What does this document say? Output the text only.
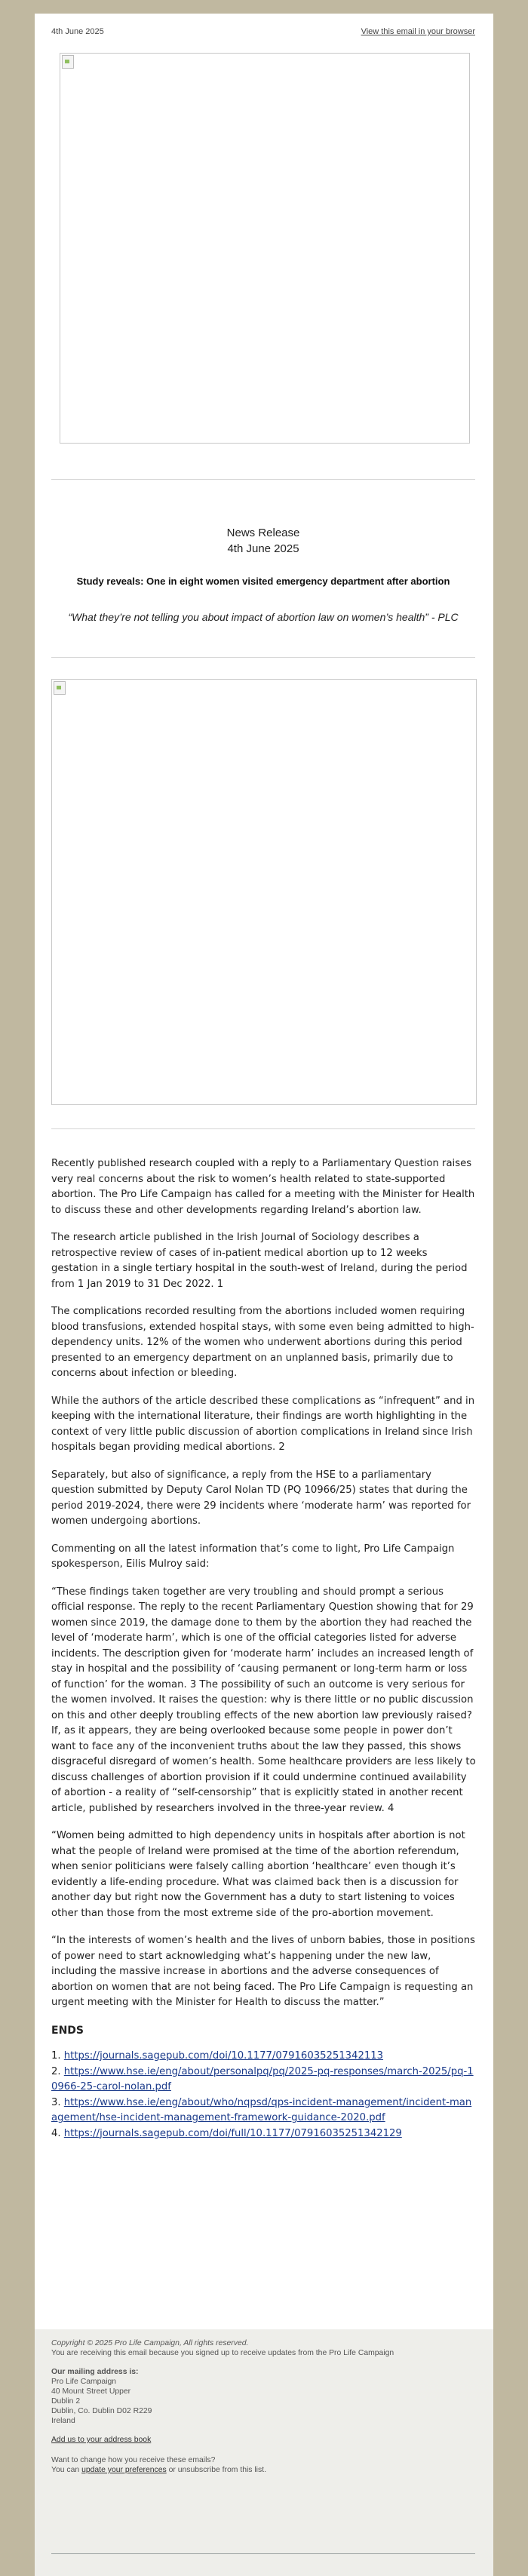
4th June 2025	View this email in your browser
News Release
4th June 2025
Study reveals: One in eight women visited emergency department after abortion
“What they’re not telling you about impact of abortion law on women’s health” - PLC

Recently published research coupled with a reply to a Parliamentary Question raises very real concerns about the risk to women’s health related to state-supported abortion. The Pro Life Campaign has called for a meeting with the Minister for Health to discuss these and other developments regarding Ireland’s abortion law.

The research article published in the Irish Journal of Sociology describes a retrospective review of cases of in-patient medical abortion up to 12 weeks gestation in a single tertiary hospital in the south-west of Ireland, during the period from 1 Jan 2019 to 31 Dec 2022. 1

The complications recorded resulting from the abortions included women requiring blood transfusions, extended hospital stays, with some even being admitted to high-dependency units. 12% of the women who underwent abortions during this period presented to an emergency department on an unplanned basis, primarily due to concerns about infection or bleeding.

While the authors of the article described these complications as “infrequent” and in keeping with the international literature, their findings are worth highlighting in the context of very little public discussion of abortion complications in Ireland since Irish hospitals began providing medical abortions. 2

Separately, but also of significance, a reply from the HSE to a parliamentary question submitted by Deputy Carol Nolan TD (PQ 10966/25) states that during the period 2019-2024, there were 29 incidents where ‘moderate harm’ was reported for women undergoing abortions.

Commenting on all the latest information that’s come to light, Pro Life Campaign spokesperson, Eilis Mulroy said:

“These findings taken together are very troubling and should prompt a serious official response. The reply to the recent Parliamentary Question showing that for 29 women since 2019, the damage done to them by the abortion they had reached the level of ‘moderate harm’, which is one of the official categories listed for adverse incidents. The description given for ‘moderate harm’ includes an increased length of stay in hospital and the possibility of ‘causing permanent or long-term harm or loss of function’ for the woman. 3 The possibility of such an outcome is very serious for the women involved. It raises the question: why is there little or no public discussion on this and other deeply troubling effects of the new abortion law previously raised? If, as it appears, they are being overlooked because some people in power don’t want to face any of the inconvenient truths about the law they passed, this shows disgraceful disregard of women’s health. Some healthcare providers are less likely to discuss challenges of abortion provision if it could undermine continued availability of abortion - a reality of “self-censorship” that is explicitly stated in another recent article, published by researchers involved in the three-year review. 4

“Women being admitted to high dependency units in hospitals after abortion is not what the people of Ireland were promised at the time of the abortion referendum, when senior politicians were falsely calling abortion ‘healthcare’ even though it’s evidently a life-ending procedure. What was claimed back then is a discussion for another day but right now the Government has a duty to start listening to voices other than those from the most extreme side of the pro-abortion movement.

“In the interests of women’s health and the lives of unborn babies, those in positions of power need to start acknowledging what’s happening under the new law, including the massive increase in abortions and the adverse consequences of abortion on women that are not being faced. The Pro Life Campaign is requesting an urgent meeting with the Minister for Health to discuss the matter.”

ENDS
1. https://journals.sagepub.com/doi/10.1177/07916035251342113
2. https://www.hse.ie/eng/about/personalpq/pq/2025-pq-responses/march-2025/pq-10966-25-carol-nolan.pdf
3. https://www.hse.ie/eng/about/who/nqpsd/qps-incident-management/incident-management/hse-incident-management-framework-guidance-2020.pdf
4. https://journals.sagepub.com/doi/full/10.1177/07916035251342129
Copyright © 2025 Pro Life Campaign, All rights reserved.
You are receiving this email because you signed up to receive updates from the Pro Life Campaign
Our mailing address is:
Pro Life Campaign
40 Mount Street Upper
Dublin 2
Dublin, Co. Dublin D02 R229
Ireland
Add us to your address book
Want to change how you receive these emails?
You can update your preferences or unsubscribe from this list.
